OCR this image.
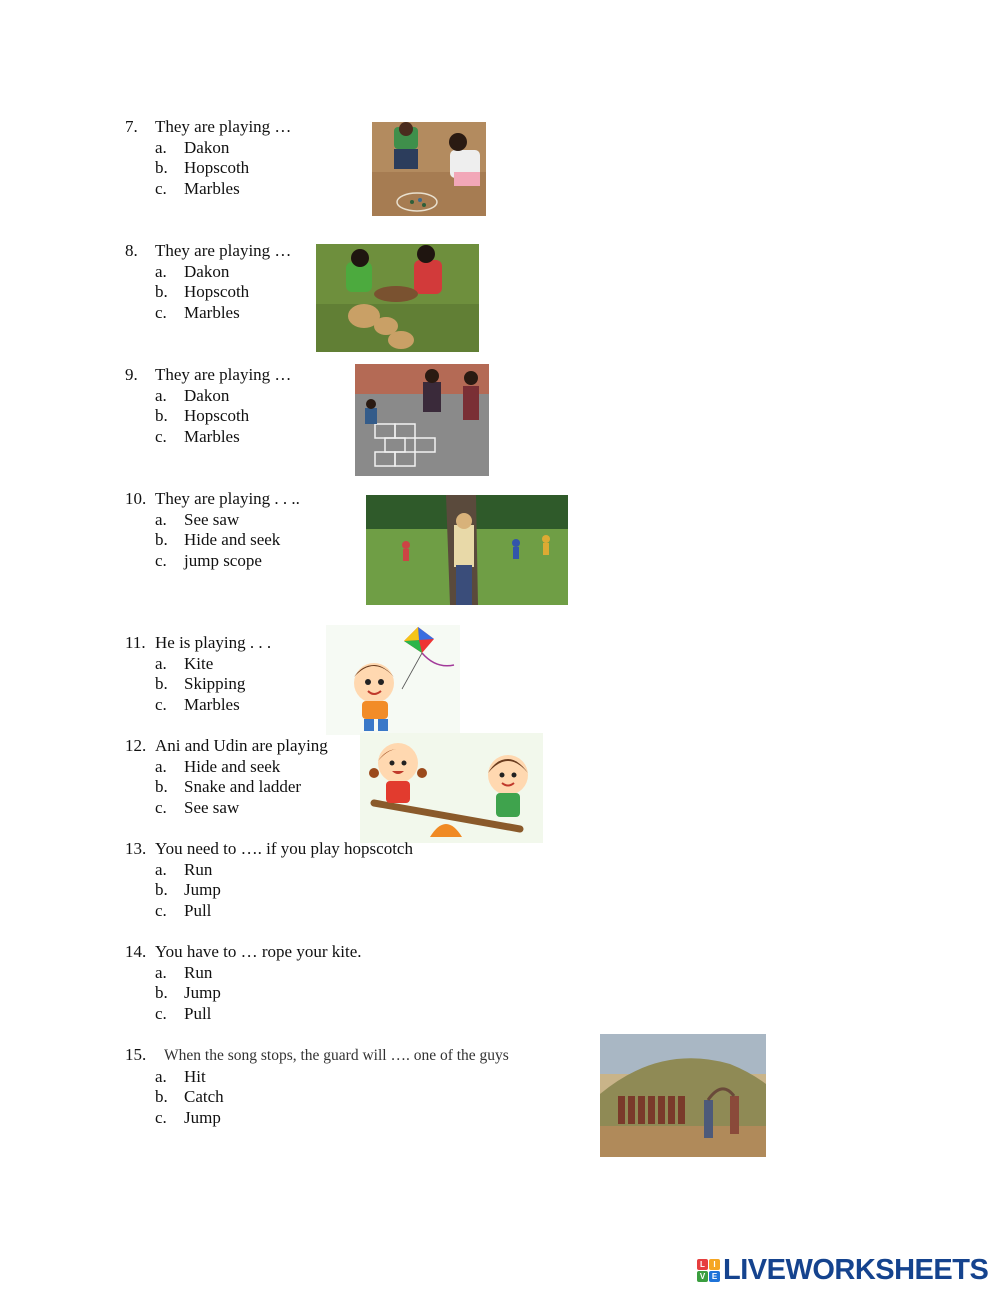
7. They are playing …
a. Dakon
b. Hopscoth
c. Marbles
8. They are playing …
a. Dakon
b. Hopscoth
c. Marbles
9. They are playing …
a. Dakon
b. Hopscoth
c. Marbles
10. They are playing . . ..
a. See saw
b. Hide and seek
c. jump scope
11. He is playing . . .
a. Kite
b. Skipping
c. Marbles
12. Ani and Udin are playing
a. Hide and seek
b. Snake and ladder
c. See saw
13. You need to …. if you play hopscotch
a. Run
b. Jump
c. Pull
14. You have to … rope your kite.
a. Run
b. Jump
c. Pull
15. When the song stops, the guard will …. one of the guys
a. Hit
b. Catch
c. Jump
L	I
V E LIVEWORKSHEETS
